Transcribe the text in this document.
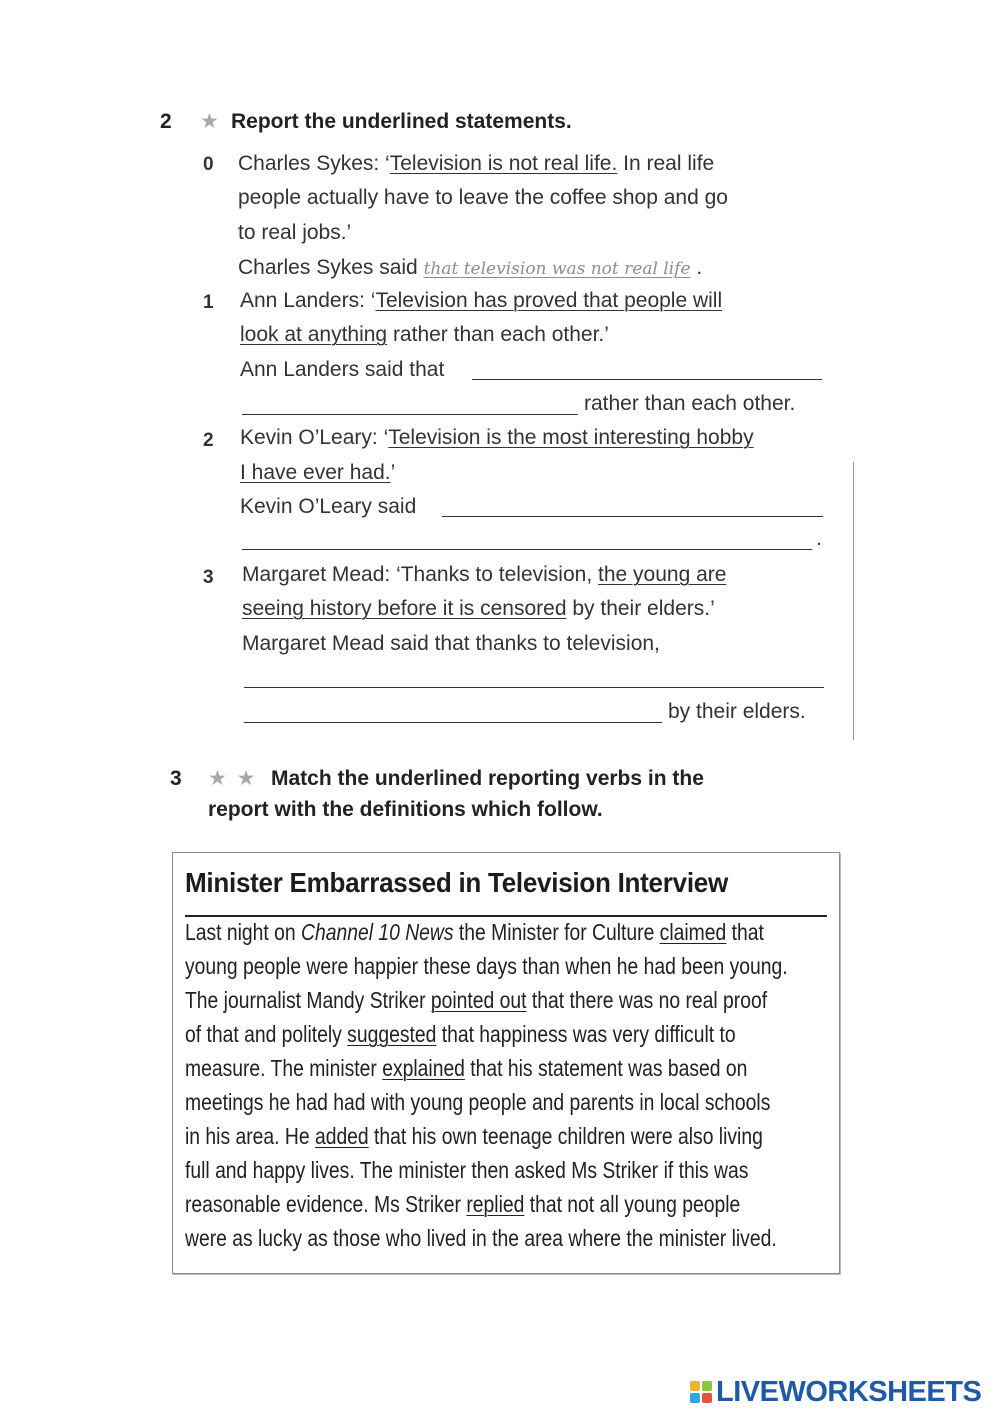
2 ★ Report the underlined statements.
0 Charles Sykes: ‘Television is not real life. In real life
people actually have to leave the coffee shop and go
to real jobs.’
Charles Sykes said that television was not real life .
1 Ann Landers: ‘Television has proved that people will
look at anything rather than each other.’
Ann Landers said that
rather than each other.
2 Kevin O’Leary: ‘Television is the most interesting hobby
I have ever had.’
Kevin O’Leary said
.
3 Margaret Mead: ‘Thanks to television, the young are
seeing history before it is censored by their elders.’
Margaret Mead said that thanks to television,
by their elders.
3 ★ ★ Match the underlined reporting verbs in the
report with the definitions which follow.
Minister Embarrassed in Television Interview
Last night on Channel 10 News the Minister for Culture claimed that
young people were happier these days than when he had been young.
The journalist Mandy Striker pointed out that there was no real proof
of that and politely suggested that happiness was very difficult to
measure. The minister explained that his statement was based on
meetings he had had with young people and parents in local schools
in his area. He added that his own teenage children were also living
full and happy lives. The minister then asked Ms Striker if this was
reasonable evidence. Ms Striker replied that not all young people
were as lucky as those who lived in the area where the minister lived.
LIVEWORKSHEETS
